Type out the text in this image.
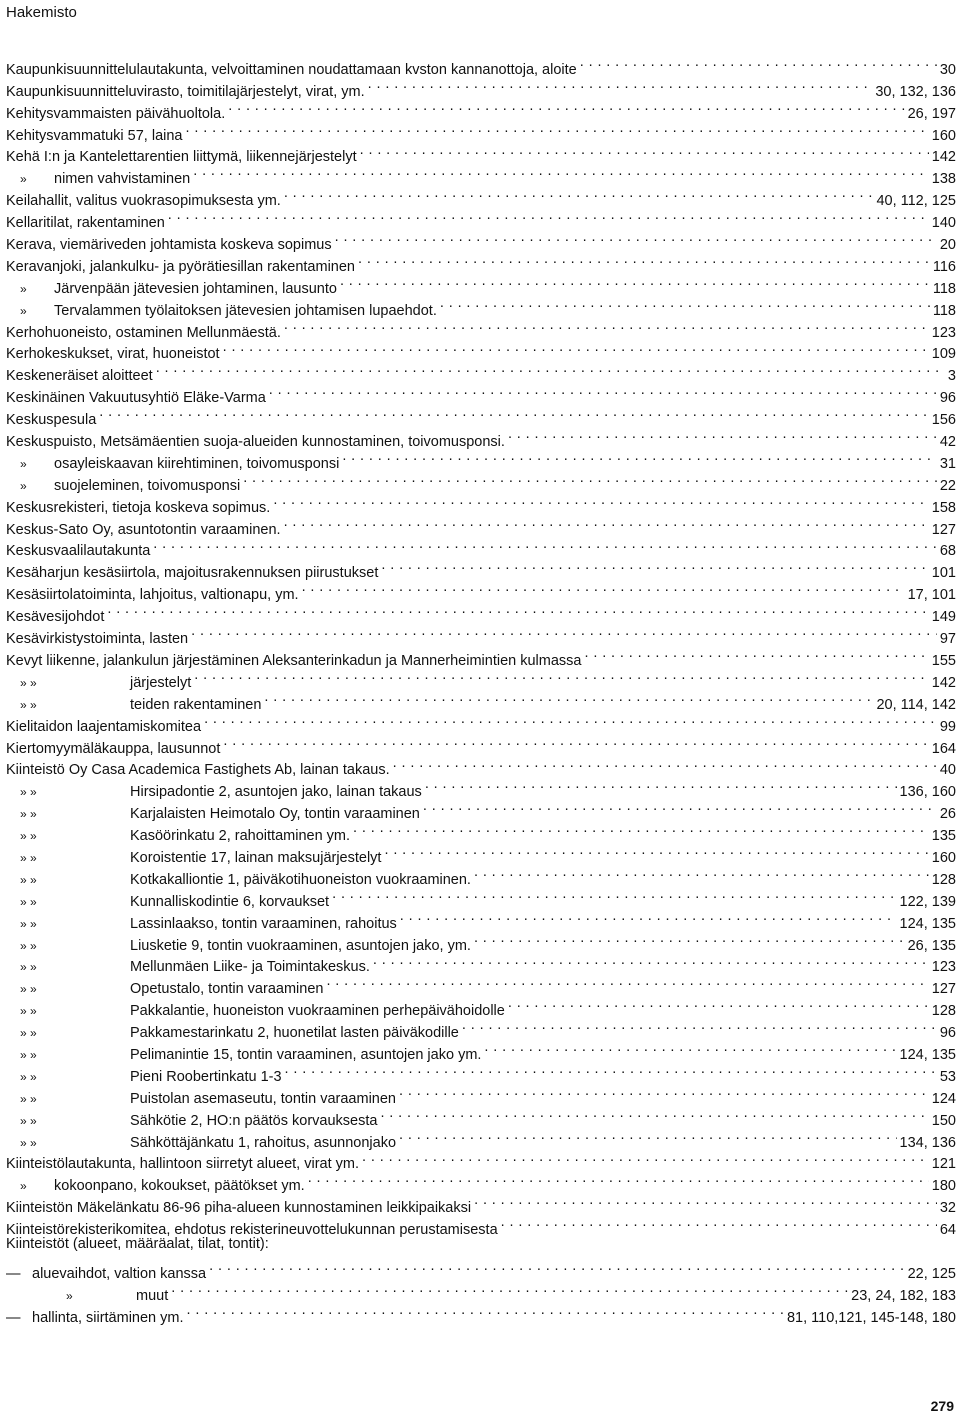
Hakemisto
Kaupunkisuunnittelulautakunta, velvoittaminen noudattamaan kvston kannanottoja, aloite . . .	30
Kaupunkisuunnitteluvirasto, toimitilajärjestelyt, virat, ym. . . .	30, 132, 136
Kehitysvammaisten päivähuoltola. . . .	26, 197
Kehitysvammatuki 57, laina . . .	160
Kehä I:n ja Kantelettarentien liittymä, liikennejärjestelyt . . .	142
»	nimen vahvistaminen . . .	138
Keilahallit, valitus vuokrasopimuksesta ym. . . .	40, 112, 125
Kellaritilat, rakentaminen . . .	140
Kerava, viemäriveden johtamista koskeva sopimus . . .	20
Keravanjoki, jalankulku- ja pyörätiesillan rakentaminen . . .	116
»	Järvenpään jätevesien johtaminen, lausunto . . .	118
»	Tervalammen työlaitoksen jätevesien johtamisen lupaehdot. . . .	118
Kerhohuoneisto, ostaminen Mellunmäestä. . . .	123
Kerhokeskukset, virat, huoneistot . . .	109
Keskeneräiset aloitteet . . .	3
Keskinäinen Vakuutusyhtiö Eläke-Varma . . .	96
Keskuspesula . . .	156
Keskuspuisto, Metsämäentien suoja-alueiden kunnostaminen, toivomusponsi. . . .	42
»	osayleiskaavan kiirehtiminen, toivomusponsi . . .	31
»	suojeleminen, toivomusponsi . . .	22
Keskusrekisteri, tietoja koskeva sopimus. . . .	158
Keskus-Sato Oy, asuntotontin varaaminen. . . .	127
Keskusvaalilautakunta . . .	68
Kesäharjun kesäsiirtola, majoitusrakennuksen piirustukset . . .	101
Kesäsiirtolatoiminta, lahjoitus, valtionapu, ym. . . .	17, 101
Kesävesijohdot . . .	149
Kesävirkistystoiminta, lasten . . .	97
Kevyt liikenne, jalankulun järjestäminen Aleksanterinkadun ja Mannerheimintien kulmassa . . .	155
» »	järjestelyt . . .	142
» »	teiden rakentaminen . . .	20, 114, 142
Kielitaidon laajentamiskomitea . . .	99
Kiertomyymäläkauppa, lausunnot . . .	164
Kiinteistö Oy Casa Academica Fastighets Ab, lainan takaus. . . .	40
» »	Hirsipadontie 2, asuntojen jako, lainan takaus . . .	136, 160
» »	Karjalaisten Heimotalo Oy, tontin varaaminen . . .	26
» »	Kasöörinkatu 2, rahoittaminen ym. . . .	135
» »	Koroistentie 17, lainan maksujärjestelyt . . .	160
» »	Kotkakalliontie 1, päiväkotihuoneiston vuokraaminen. . . .	128
» »	Kunnalliskodintie 6, korvaukset . . .	122, 139
» »	Lassinlaakso, tontin varaaminen, rahoitus . . .	124, 135
» »	Liusketie 9, tontin vuokraaminen, asuntojen jako, ym. . . .	26, 135
» »	Mellunmäen Liike- ja Toimintakeskus. . . .	123
» »	Opetustalo, tontin varaaminen . . .	127
» »	Pakkalantie, huoneiston vuokraaminen perhepäivähoidolle . . .	128
» »	Pakkamestarinkatu 2, huonetilat lasten päiväkodille . . .	96
» »	Pelimanintie 15, tontin varaaminen, asuntojen jako ym. . . .	124, 135
» »	Pieni Roobertinkatu 1-3 . . .	53
» »	Puistolan asemaseutu, tontin varaaminen . . .	124
» »	Sähkötie 2, HO:n päätös korvauksesta . . .	150
» »	Sähköttäjänkatu 1, rahoitus, asunnonjako . . .	134, 136
Kiinteistölautakunta, hallintoon siirretyt alueet, virat ym. . . .	121
»	kokoonpano, kokoukset, päätökset ym. . . .	180
Kiinteistön Mäkelänkatu 86-96 piha-alueen kunnostaminen leikkipaikaksi . . .	32
Kiinteistörekisterikomitea, ehdotus rekisterineuvottelukunnan perustamisesta . . .	64
Kiinteistöt (alueet, määräalat, tilat, tontit):
— aluevaihdot, valtion kanssa . . .	22, 125
»	muut . . .	23, 24, 182, 183
— hallinta, siirtäminen ym. . . .	81, 110,121, 145-148, 180
279
